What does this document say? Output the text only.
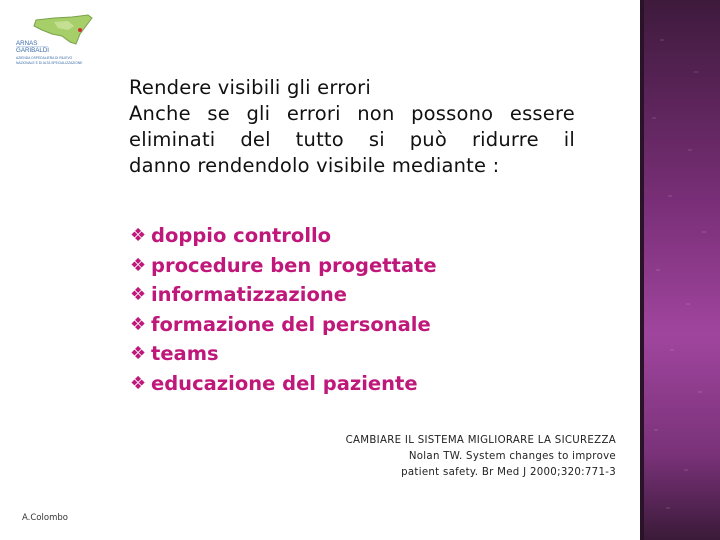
ARNAS
GARIBALDI
AZIENDA OSPEDALIERA DI RILIEVO
NAZIONALE E DI ALTA SPECIALIZZAZIONE
Rendere visibili gli errori
Anche se gli errori non possono essere
eliminati del tutto si può ridurre il
danno rendendolo visibile mediante :
❖ doppio controllo
❖ procedure ben progettate
❖ informatizzazione
❖ formazione del personale
❖ teams
❖ educazione del paziente
CAMBIARE IL SISTEMA MIGLIORARE LA SICUREZZA
Nolan TW. System changes to improve
patient safety. Br Med J 2000;320:771-3
A.Colombo
